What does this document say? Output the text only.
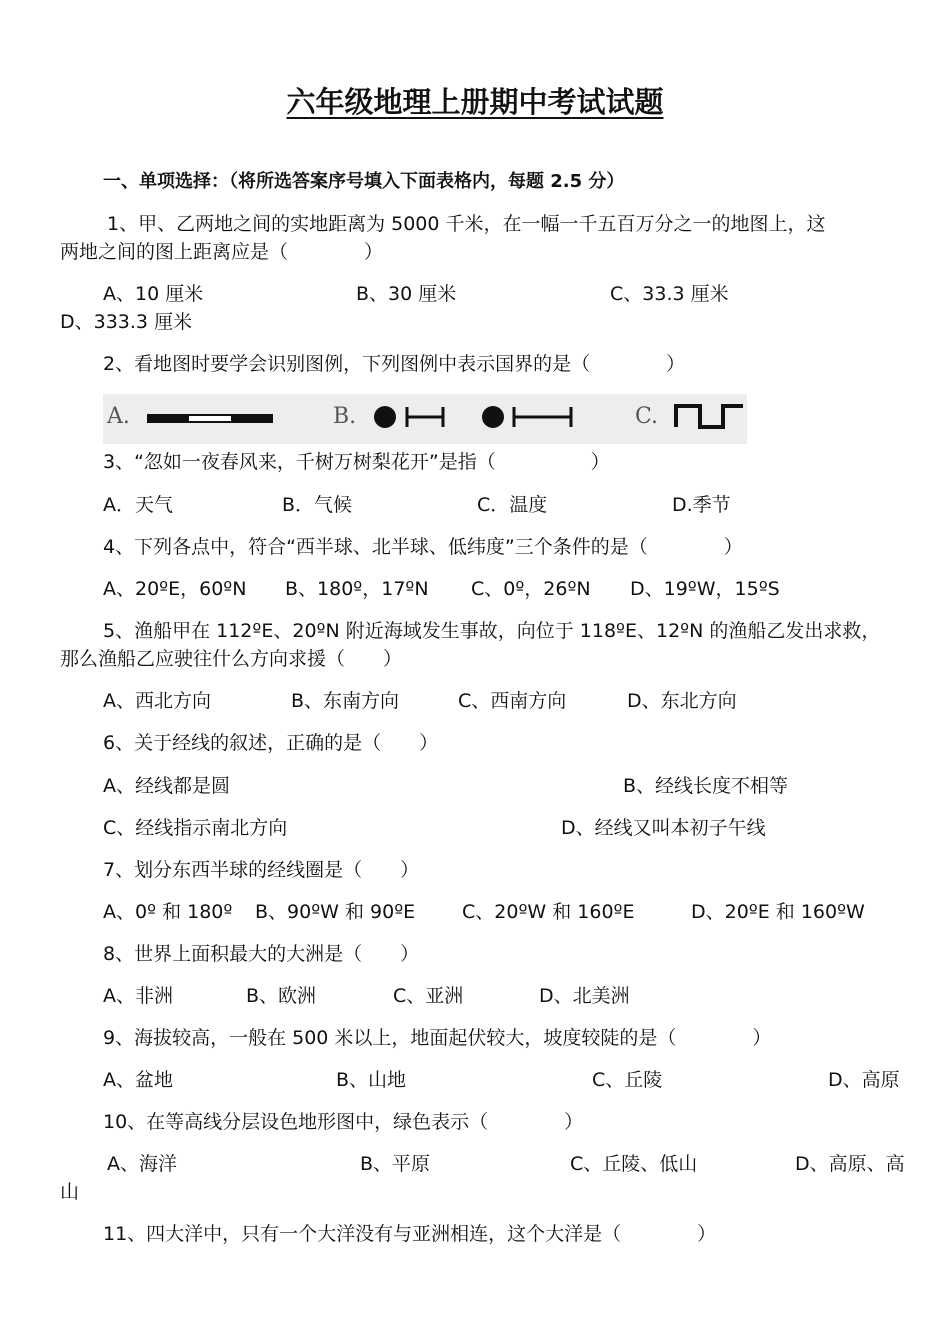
六年级地理上册期中考试试题
一、单项选择：（将所选答案序号填入下面表格内，每题 2.5 分）
1、甲、乙两地之间的实地距离为 5000 千米，在一幅一千五百万分之一的地图上，这
两地之间的图上距离应是（　　　　）
A、10 厘米	B、30 厘米	C、33.3 厘米
D、333.3 厘米
2、看地图时要学会识别图例，下列图例中表示国界的是（　　　　）
A.	B.	C.
3、“忽如一夜春风来，千树万树梨花开”是指（　　　　　）
A．天气	B．气候	C．温度	D.季节
4、下列各点中，符合“西半球、北半球、低纬度”三个条件的是（　　　　）
A、20ºE，60ºN B、180º，17ºN C、0º，26ºN D、19ºW，15ºS
5、渔船甲在 112ºE、20ºN 附近海域发生事故，向位于 118ºE、12ºN 的渔船乙发出求救，
那么渔船乙应驶往什么方向求援（　　）
A、西北方向	B、东南方向	C、西南方向	D、东北方向
6、关于经线的叙述，正确的是（　　）
A、经线都是圆	B、经线长度不相等
C、经线指示南北方向	D、经线又叫本初子午线
7、划分东西半球的经线圈是（　　）
A、0º 和 180º B、90ºW 和 90ºE C、20ºW 和 160ºE	D、20ºE 和 160ºW
8、世界上面积最大的大洲是（　　）
A、非洲	B、欧洲	C、亚洲	D、北美洲
9、海拔较高，一般在 500 米以上，地面起伏较大，坡度较陡的是（　　　　）
A、盆地	B、山地	C、丘陵	D、高原
10、在等高线分层设色地形图中，绿色表示（　　　　）
A、海洋	B、平原	C、丘陵、低山	D、高原、高
山
11、四大洋中，只有一个大洋没有与亚洲相连，这个大洋是（　　　　）
